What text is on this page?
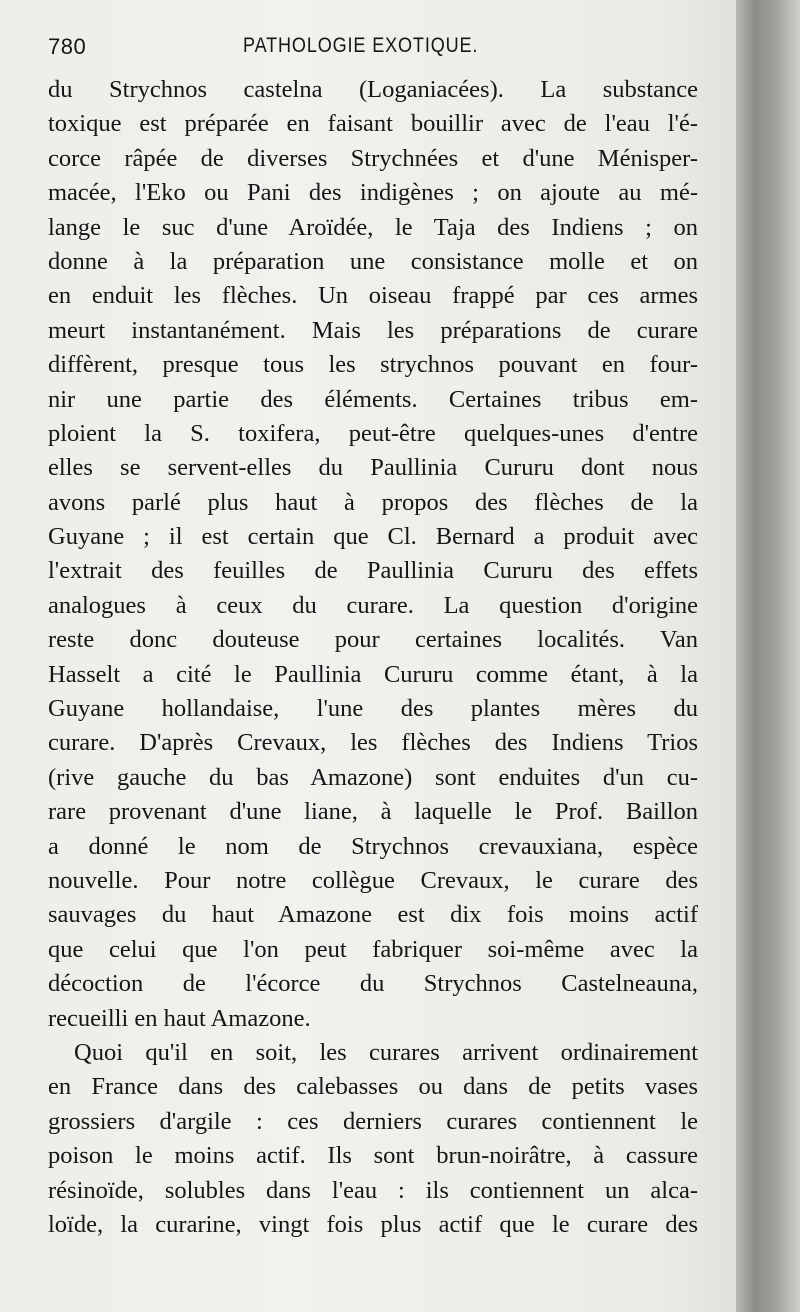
780	PATHOLOGIE EXOTIQUE.
du Strychnos castelna (Loganiacées). La substance
toxique est préparée en faisant bouillir avec de l'eau l'é-
corce râpée de diverses Strychnées et d'une Ménisper-
macée, l'Eko ou Pani des indigènes ; on ajoute au mé-
lange le suc d'une Aroïdée, le Taja des Indiens ; on
donne à la préparation une consistance molle et on
en enduit les flèches. Un oiseau frappé par ces armes
meurt instantanément. Mais les préparations de curare
diffèrent, presque tous les strychnos pouvant en four-
nir une partie des éléments. Certaines tribus em-
ploient la S. toxifera, peut-être quelques-unes d'entre
elles se servent-elles du Paullinia Cururu dont nous
avons parlé plus haut à propos des flèches de la
Guyane ; il est certain que Cl. Bernard a produit avec
l'extrait des feuilles de Paullinia Cururu des effets
analogues à ceux du curare. La question d'origine
reste donc douteuse pour certaines localités. Van
Hasselt a cité le Paullinia Cururu comme étant, à la
Guyane hollandaise, l'une des plantes mères du
curare. D'après Crevaux, les flèches des Indiens Trios
(rive gauche du bas Amazone) sont enduites d'un cu-
rare provenant d'une liane, à laquelle le Prof. Baillon
a donné le nom de Strychnos crevauxiana, espèce
nouvelle. Pour notre collègue Crevaux, le curare des
sauvages du haut Amazone est dix fois moins actif
que celui que l'on peut fabriquer soi-même avec la
décoction de l'écorce du Strychnos Castelneauna,
recueilli en haut Amazone.
Quoi qu'il en soit, les curares arrivent ordinairement
en France dans des calebasses ou dans de petits vases
grossiers d'argile : ces derniers curares contiennent le
poison le moins actif. Ils sont brun-noirâtre, à cassure
résinoïde, solubles dans l'eau : ils contiennent un alca-
loïde, la curarine, vingt fois plus actif que le curare des
